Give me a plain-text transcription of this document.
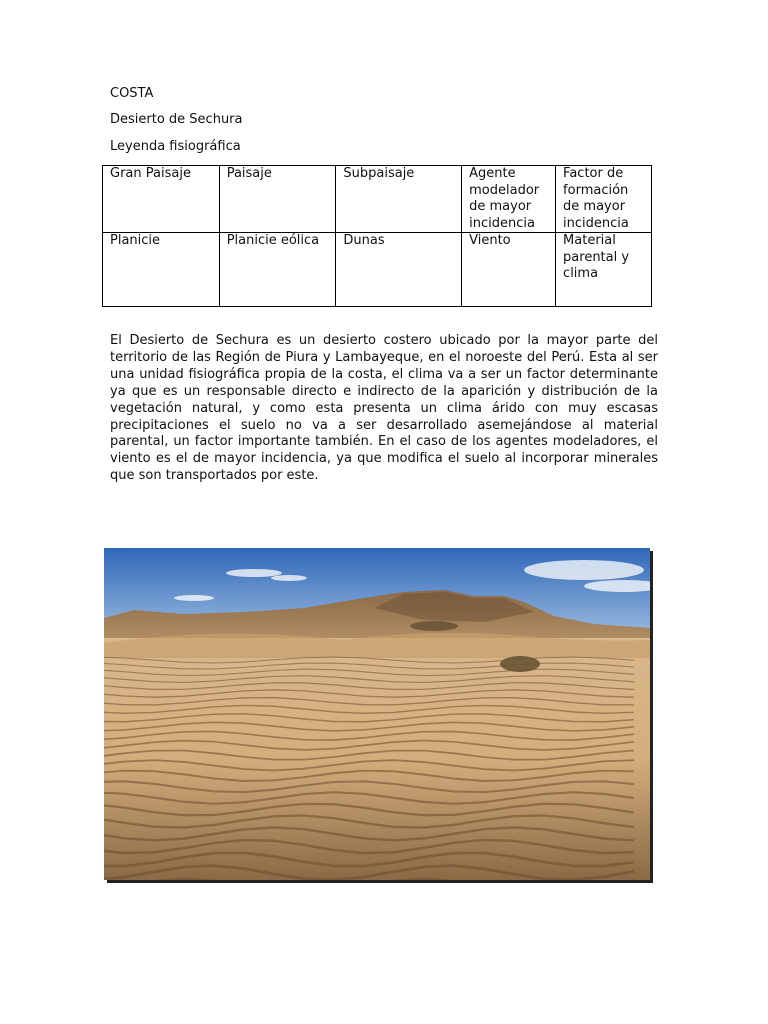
COSTA
Desierto de Sechura
Leyenda fisiográfica
Gran Paisaje	Paisaje	Subpaisaje	Agente modelador de mayor incidencia	Factor de formación de mayor incidencia
Planicie	Planicie eólica	Dunas	Viento	Material parental y clima
El Desierto de Sechura es un desierto costero ubicado por la mayor parte del territorio de las Región de Piura y Lambayeque, en el noroeste del Perú. Esta al ser una unidad fisiográfica propia de la costa, el clima va a ser un factor determinante ya que es un responsable directo e indirecto de la aparición y distribución de la vegetación natural, y como esta presenta un clima árido con muy escasas precipitaciones el suelo no va a ser desarrollado asemejándose al material parental, un factor importante también. En el caso de los agentes modeladores, el viento es el de mayor incidencia, ya que modifica el suelo al incorporar minerales que son transportados por este.
